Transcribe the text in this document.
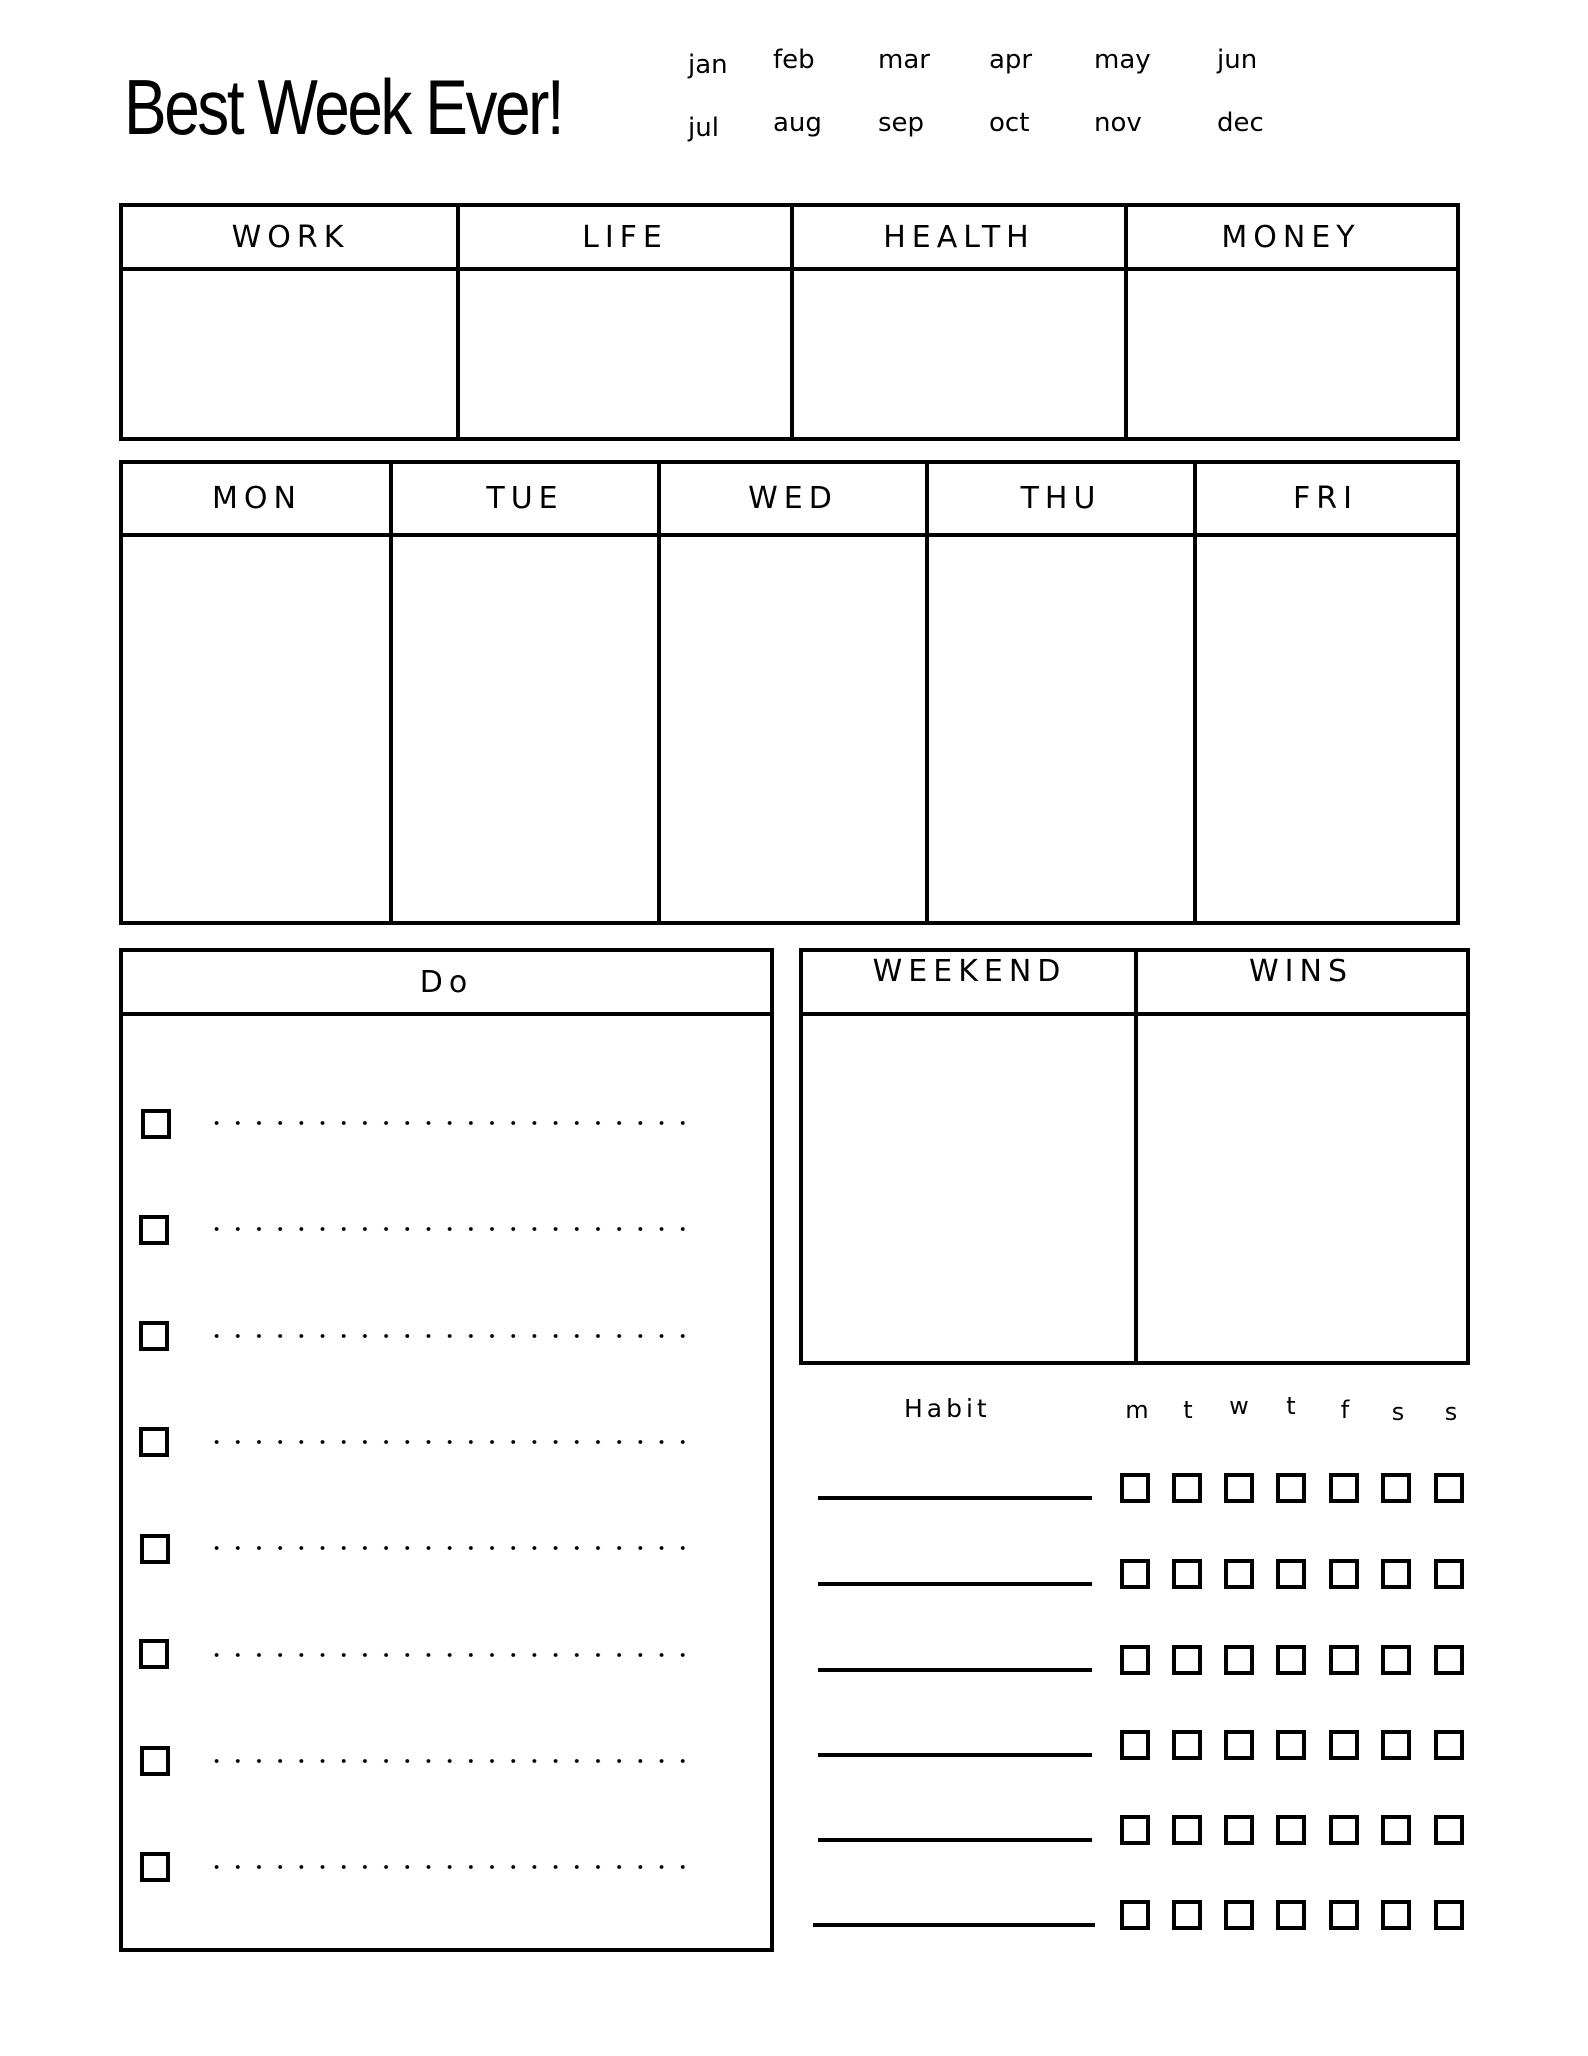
Best Week Ever!	jan feb mar apr may	jun
jul aug sep oct nov	dec
WORK	LIFE	HEALTH	MONEY
MON	TUE	WED	THU	FRI
Do	WEEKEND	WINS
Habit	m	t	w	t	f	s	s
